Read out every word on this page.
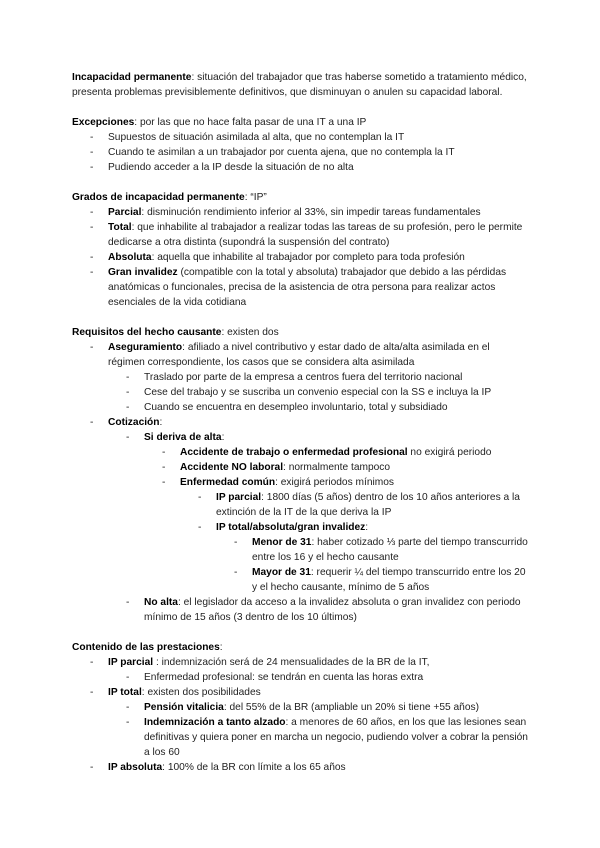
Incapacidad permanente: situación del trabajador que tras haberse sometido a tratamiento médico, presenta problemas previsiblemente definitivos, que disminuyan o anulen su capacidad laboral.

Excepciones: por las que no hace falta pasar de una IT a una IP

- Supuestos de situación asimilada al alta, que no contemplan la IT

- Cuando te asimilan a un trabajador por cuenta ajena, que no contempla la IT

- Pudiendo acceder a la IP desde la situación de no alta

Grados de incapacidad permanente: “IP”

- Parcial: disminución rendimiento inferior al 33%, sin impedir tareas fundamentales

- Total: que inhabilite al trabajador a realizar todas las tareas de su profesión, pero le permite dedicarse a otra distinta (supondrá la suspensión del contrato)

- Absoluta: aquella que inhabilite al trabajador por completo para toda profesión

- Gran invalidez (compatible con la total y absoluta) trabajador que debido a las pérdidas anatómicas o funcionales, precisa de la asistencia de otra persona para realizar actos esenciales de la vida cotidiana

Requisitos del hecho causante: existen dos

- Aseguramiento: afiliado a nivel contributivo y estar dado de alta/alta asimilada en el régimen correspondiente, los casos que se considera alta asimilada

- Traslado por parte de la empresa a centros fuera del territorio nacional

- Cese del trabajo y se suscriba un convenio especial con la SS e incluya la IP

- Cuando se encuentra en desempleo involuntario, total y subsidiado

- Cotización:

- Si deriva de alta:

- Accidente de trabajo o enfermedad profesional no exigirá periodo

- Accidente NO laboral: normalmente tampoco

- Enfermedad común: exigirá periodos mínimos

- IP parcial: 1800 días (5 años) dentro de los 10 años anteriores a la extinción de la IT de la que deriva la IP

- IP total/absoluta/gran invalidez:

- Menor de 31: haber cotizado ⅓ parte del tiempo transcurrido entre los 16 y el hecho causante

- Mayor de 31: requerir ¼ del tiempo transcurrido entre los 20 y el hecho causante, mínimo de 5 años

- No alta: el legislador da acceso a la invalidez absoluta o gran invalidez con periodo mínimo de 15 años (3 dentro de los 10 últimos)

Contenido de las prestaciones:

- IP parcial : indemnización será de 24 mensualidades de la BR de la IT,

- Enfermedad profesional: se tendrán en cuenta las horas extra

- IP total: existen dos posibilidades

- Pensión vitalicia: del 55% de la BR (ampliable un 20% si tiene +55 años)

- Indemnización a tanto alzado: a menores de 60 años, en los que las lesiones sean definitivas y quiera poner en marcha un negocio, pudiendo volver a cobrar la pensión a los 60

- IP absoluta: 100% de la BR con límite a los 65 años
